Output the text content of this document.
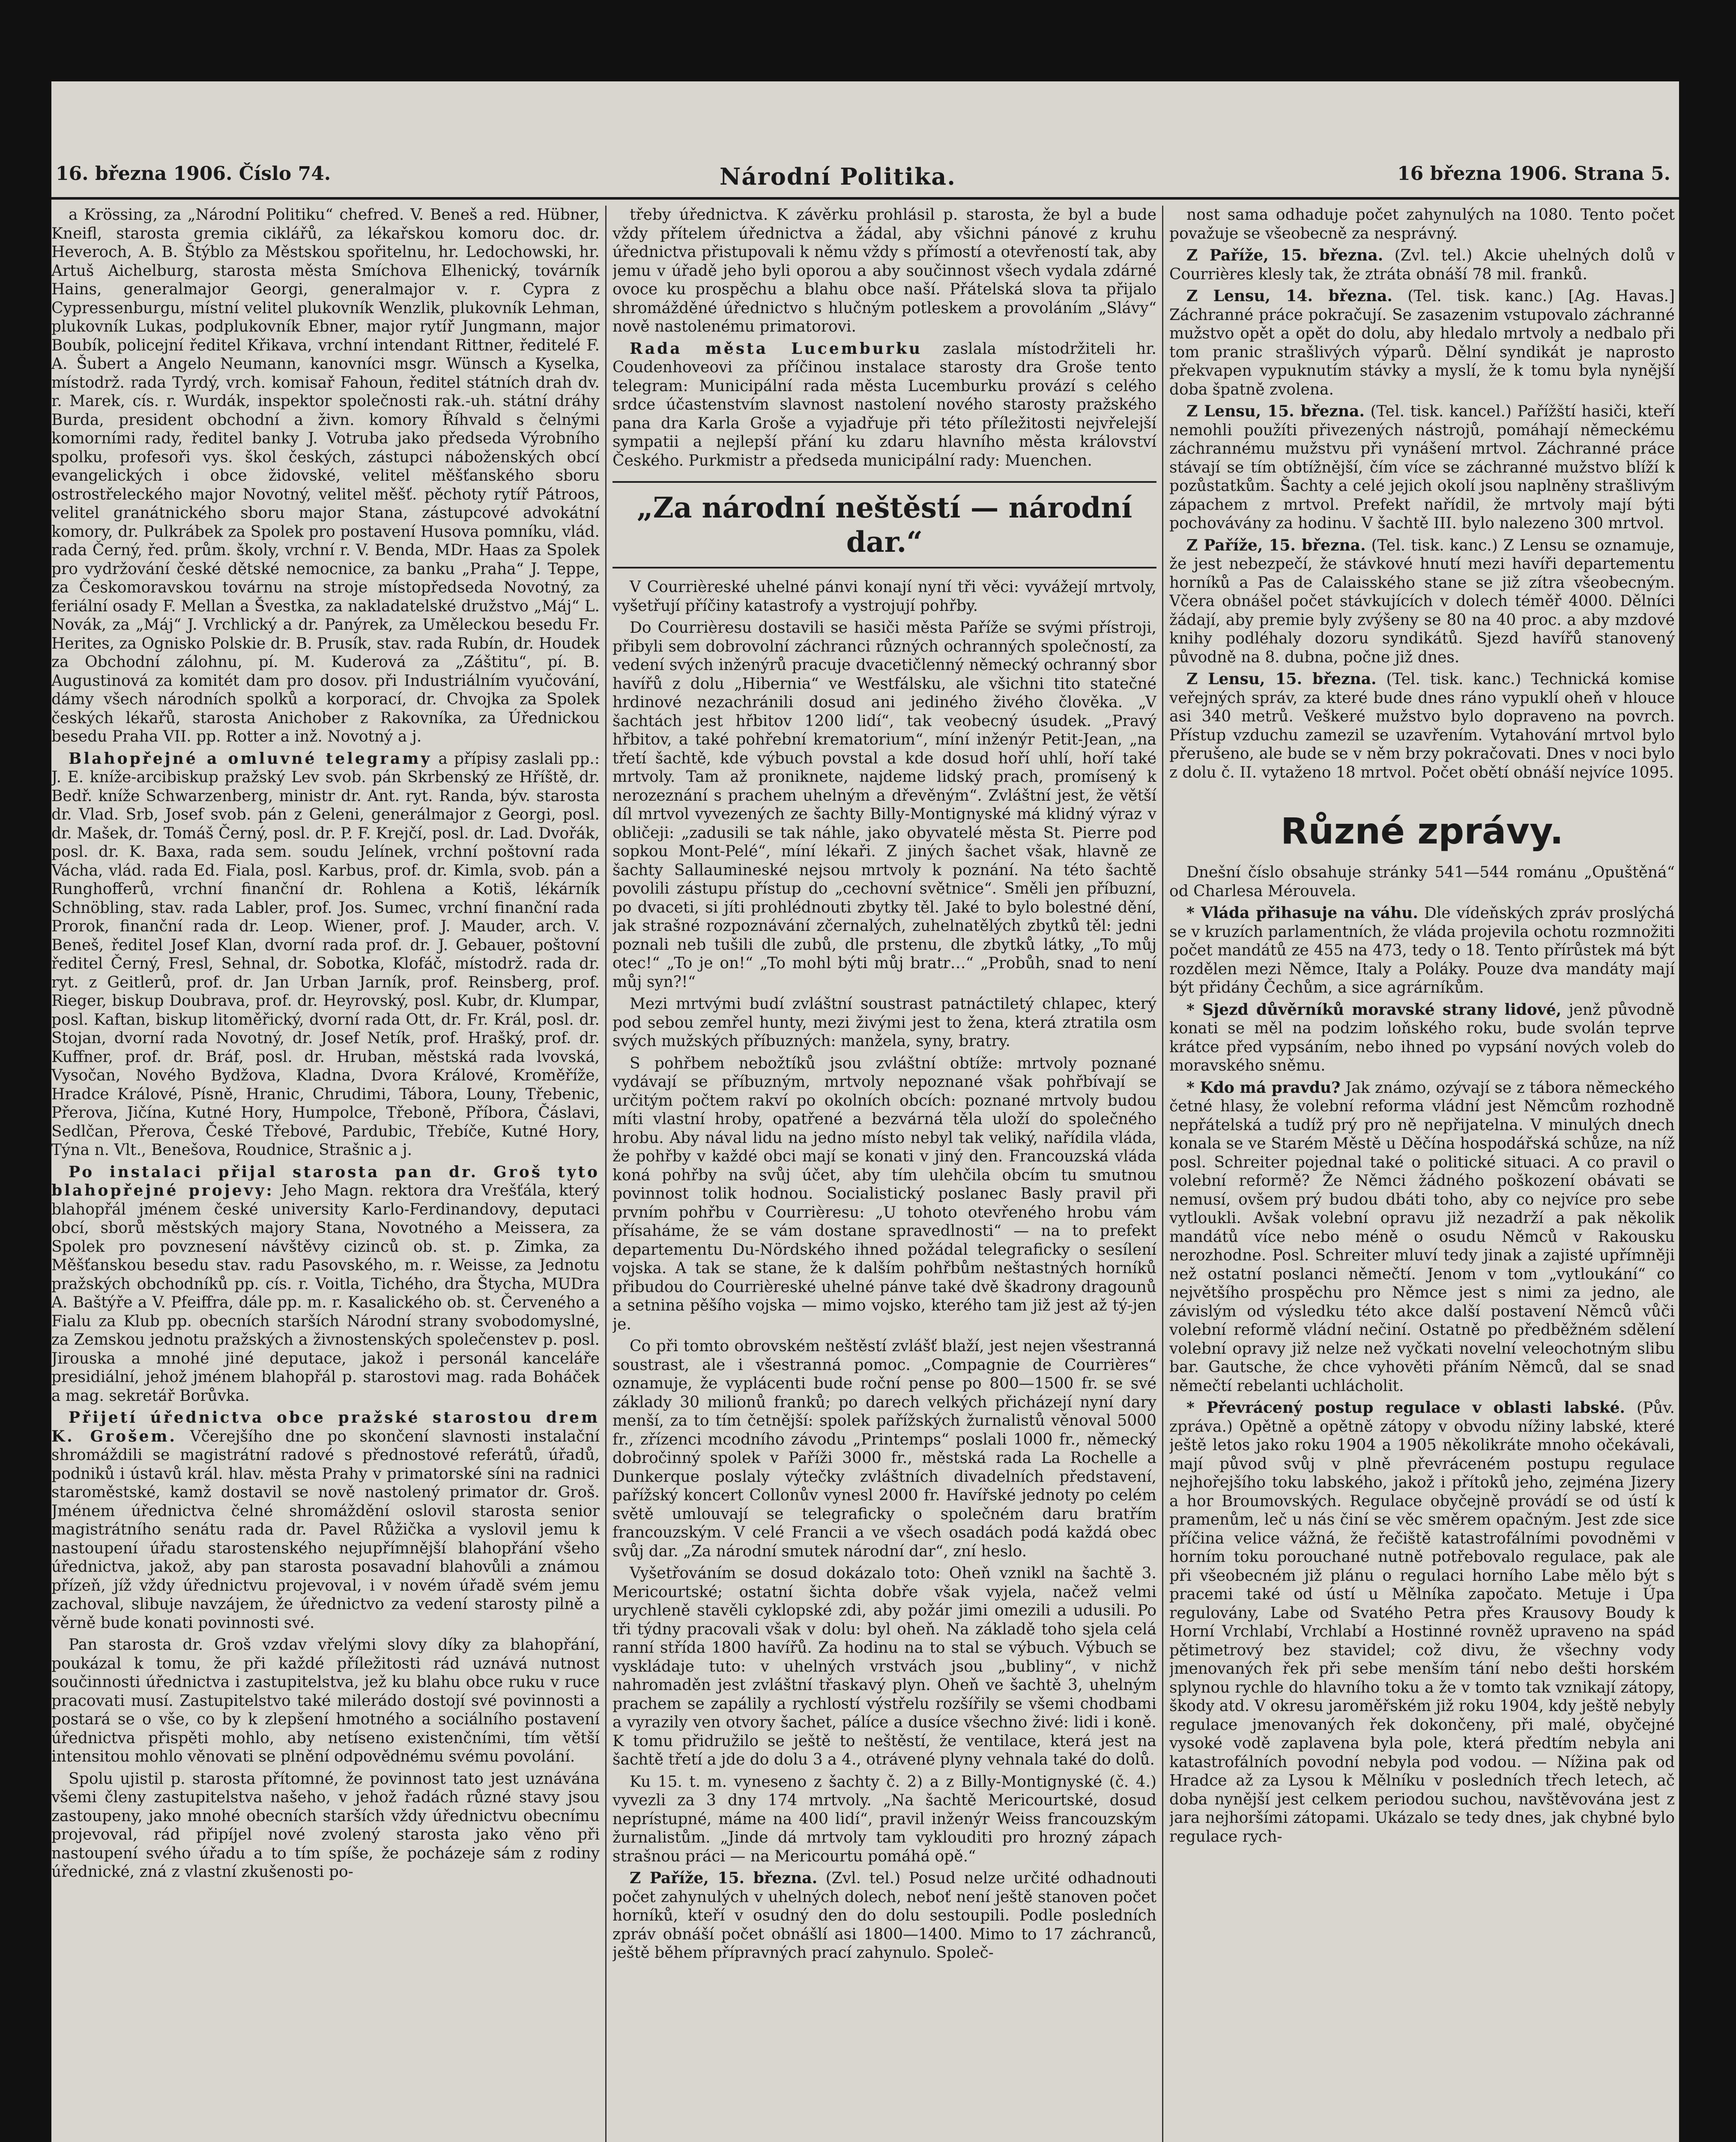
16. března 1906. Číslo 74.	Národní Politika.	16 března 1906. Strana 5.

a Krössing, za „Národní Politiku“ chefred. V. Beneš a red. Hübner, Kneifl, starosta gremia ciklářů, za lékařskou komoru doc. dr. Heveroch, A. B. Štýblo za Městskou spořitelnu, hr. Ledochowski, hr. Artuš Aichelburg, starosta města Smíchova Elhenický, továrník Hains, generalmajor Georgi, generalmajor v. r. Cypra z Cypressenburgu, místní velitel plukovník Wenzlik, plukovník Lehman, plukovník Lukas, podplukovník Ebner, major rytíř Jungmann, major Boubík, policejní ředitel Křikava, vrchní intendant Rittner, ředitelé F. A. Šubert a Angelo Neumann, kanovníci msgr. Wünsch a Kyselka, místodrž. rada Tyrdý, vrch. komisař Fahoun, ředitel státních drah dv. r. Marek, cís. r. Wurdák, inspektor společnosti rak.-uh. státní dráhy Burda, president obchodní a živn. komory Říhvald s čelnými komorními rady, ředitel banky J. Votruba jako předseda Výrobního spolku, profesoři vys. škol českých, zástupci náboženských obcí evangelických i obce židovské, velitel měšťanského sboru ostrostřeleckého major Novotný, velitel měšť. pěchoty rytíř Pátroos, velitel granátnického sboru major Stana, zástupcové advokátní komory, dr. Pulkrábek za Spolek pro postavení Husova pomníku, vlád. rada Černý, řed. prům. školy, vrchní r. V. Benda, MDr. Haas za Spolek pro vydržování české dětské nemocnice, za banku „Praha“ J. Teppe, za Českomoravskou továrnu na stroje místopředseda Novotný, za feriální osady F. Mellan a Švestka, za nakladatelské družstvo „Máj“ L. Novák, za „Máj“ J. Vrchlický a dr. Panýrek, za Uměleckou besedu Fr. Herites, za Ognisko Polskie dr. B. Prusík, stav. rada Rubín, dr. Houdek za Obchodní zálohnu, pí. M. Kuderová za „Záštitu“, pí. B. Augustinová za komitét dam pro dosov. při Industriálním vyučování, dámy všech národních spolků a korporací, dr. Chvojka za Spolek českých lékařů, starosta Anichober z Rakovníka, za Úřednickou besedu Praha VII. pp. Rotter a inž. Novotný a j.

Blahopřejné a omluvné telegramy a přípisy zaslali pp.: J. E. kníže-arcibiskup pražský Lev svob. pán Skrbenský ze Hříště, dr. Bedř. kníže Schwarzenberg, ministr dr. Ant. ryt. Randa, býv. starosta dr. Vlad. Srb, Josef svob. pán z Geleni, generálmajor z Georgi, posl. dr. Mašek, dr. Tomáš Černý, posl. dr. P. F. Krejčí, posl. dr. Lad. Dvořák, posl. dr. K. Baxa, rada sem. soudu Jelínek, vrchní poštovní rada Vácha, vlád. rada Ed. Fiala, posl. Karbus, prof. dr. Kimla, svob. pán a Runghofferů, vrchní finanční dr. Rohlena a Kotiš, lékárník Schnöbling, stav. rada Labler, prof. Jos. Sumec, vrchní finanční rada Prorok, finanční rada dr. Leop. Wiener, prof. J. Mauder, arch. V. Beneš, ředitel Josef Klan, dvorní rada prof. dr. J. Gebauer, poštovní ředitel Černý, Fresl, Sehnal, dr. Sobotka, Klofáč, místodrž. rada dr. ryt. z Geitlerů, prof. dr. Jan Urban Jarník, prof. Reinsberg, prof. Rieger, biskup Doubrava, prof. dr. Heyrovský, posl. Kubr, dr. Klumpar, posl. Kaftan, biskup litoměřický, dvorní rada Ott, dr. Fr. Král, posl. dr. Stojan, dvorní rada Novotný, dr. Josef Netík, prof. Hrašký, prof. dr. Kuffner, prof. dr. Bráf, posl. dr. Hruban, městská rada lvovská, Vysočan, Nového Bydžova, Kladna, Dvora Králové, Kroměříže, Hradce Králové, Písně, Hranic, Chrudimi, Tábora, Louny, Třebenic, Přerova, Jičína, Kutné Hory, Humpolce, Třeboně, Příbora, Čáslavi, Sedlčan, Přerova, České Třebové, Pardubic, Třebíče, Kutné Hory, Týna n. Vlt., Benešova, Roudnice, Strašnic a j.

Po instalaci přijal starosta pan dr. Groš tyto blahopřejné projevy: Jeho Magn. rektora dra Vrešťála, který blahopřál jménem české university Karlo-Ferdinandovy, deputaci obcí, sborů městských majory Stana, Novotného a Meissera, za Spolek pro povznesení návštěvy cizinců ob. st. p. Zimka, za Měšťanskou besedu stav. radu Pasovského, m. r. Weisse, za Jednotu pražských obchodníků pp. cís. r. Voitla, Tichého, dra Štycha, MUDra A. Baštýře a V. Pfeiffra, dále pp. m. r. Kasalického ob. st. Červeného a Fialu za Klub pp. obecních starších Národní strany svobodomyslné, za Zemskou jednotu pražských a živnostenských společenstev p. posl. Jirouska a mnohé jiné deputace, jakož i personál kanceláře presidiální, jehož jménem blahopřál p. starostovi mag. rada Boháček a mag. sekretář Borůvka.

Přijetí úřednictva obce pražské starostou drem K. Grošem. Včerejšího dne po skončení slavnosti instalační shromáždili se magistrátní radové s přednostové referátů, úřadů, podniků i ústavů král. hlav. města Prahy v primatorské síni na radnici staroměstské, kamž dostavil se nově nastolený primator dr. Groš. Jménem úřednictva čelné shromáždění oslovil starosta senior magistrátního senátu rada dr. Pavel Růžička a vyslovil jemu k nastoupení úřadu starostenského nejupřímnější blahopřání všeho úřednictva, jakož, aby pan starosta posavadní blahovůli a známou přízeň, jíž vždy úřednictvu projevoval, i v novém úřadě svém jemu zachoval, slibuje navzájem, že úřednictvo za vedení starosty pilně a věrně bude konati povinnosti své.

Pan starosta dr. Groš vzdav vřelými slovy díky za blahopřání, poukázal k tomu, že při každé příležitosti rád uznává nutnost součinnosti úřednictva i zastupitelstva, jež ku blahu obce ruku v ruce pracovati musí. Zastupitelstvo také milerádo dostojí své povinnosti a postará se o vše, co by k zlepšení hmotného a sociálního postavení úřednictva přispěti mohlo, aby netíseno existenčními, tím větší intensitou mohlo věnovati se plnění odpovědnému svému povolání.

Spolu ujistil p. starosta přítomné, že povinnost tato jest uznávána všemi členy zastupitelstva našeho, v jehož řadách různé stavy jsou zastoupeny, jako mnohé obecních starších vždy úřednictvu obecnímu projevoval, rád připíjel nové zvolený starosta jako věno při nastoupení svého úřadu a to tím spíše, že pocházeje sám z rodiny úřednické, zná z vlastní zkušenosti po-

třeby úřednictva. K závěrku prohlásil p. starosta, že byl a bude vždy přítelem úřednictva a žádal, aby všichni pánové z kruhu úřednictva přistupovali k němu vždy s přímostí a otevřeností tak, aby jemu v úřadě jeho byli oporou a aby součinnost všech vydala zdárné ovoce ku prospěchu a blahu obce naší. Přátelská slova ta přijalo shromážděné úřednictvo s hlučným potleskem a provoláním „Slávy“ nově nastolenému primatorovi.

Rada města Lucemburku zaslala místodržiteli hr. Coudenhoveovi za příčinou instalace starosty dra Groše tento telegram: Municipální rada města Lucemburku provází s celého srdce účastenstvím slavnost nastolení nového starosty pražského pana dra Karla Groše a vyjadřuje při této příležitosti nejvřelejší sympatii a nejlepší přání ku zdaru hlavního města království Českého. Purkmistr a předseda municipální rady: Muenchen.

„Za národní neštěstí — národní dar.“

V Courrièreské uhelné pánvi konají nyní tři věci: vyvážejí mrtvoly, vyšetřují příčiny katastrofy a vystrojují pohřby.

Do Courrièresu dostavili se hasiči města Paříže se svými přístroji, přibyli sem dobrovolní záchranci různých ochranných společností, za vedení svých inženýrů pracuje dvacetičlenný německý ochranný sbor havířů z dolu „Hibernia“ ve Westfálsku, ale všichni tito statečné hrdinové nezachránili dosud ani jediného živého člověka. „V šachtách jest hřbitov 1200 lidí“, tak veobecný úsudek. „Pravý hřbitov, a také pohřební krematorium“, míní inženýr Petit-Jean, „na třetí šachtě, kde výbuch povstal a kde dosud hoří uhlí, hoří také mrtvoly. Tam až proniknete, najdeme lidský prach, promísený k nerozeznání s prachem uhelným a dřevěným“. Zvláštní jest, že větší díl mrtvol vyvezených ze šachty Billy-Montignyské má klidný výraz v obličeji: „zadusili se tak náhle, jako obyvatelé města St. Pierre pod sopkou Mont-Pelé“, míní lékaři. Z jiných šachet však, hlavně ze šachty Sallaumineské nejsou mrtvoly k poznání. Na této šachtě povolili zástupu přístup do „cechovní světnice“. Směli jen příbuzní, po dvaceti, si jíti prohlédnouti zbytky těl. Jaké to bylo bolestné dění, jak strašné rozpoznávání zčernalých, zuhelnatělých zbytků těl: jedni poznali neb tušili dle zubů, dle prstenu, dle zbytků látky, „To můj otec!“ „To je on!“ „To mohl býti můj bratr…“ „Probůh, snad to není můj syn?!“

Mezi mrtvými budí zvláštní soustrast patnáctiletý chlapec, který pod sebou zemřel hunty, mezi živými jest to žena, která ztratila osm svých mužských příbuzných: manžela, syny, bratry.

S pohřbem nebožtíků jsou zvláštní obtíže: mrtvoly poznané vydávají se příbuzným, mrtvoly nepoznané však pohřbívají se určitým počtem rakví po okolních obcích: poznané mrtvoly budou míti vlastní hroby, opatřené a bezvárná těla uloží do společného hrobu. Aby nával lidu na jedno místo nebyl tak veliký, nařídila vláda, že pohřby v každé obci mají se konati v jiný den. Francouzská vláda koná pohřby na svůj účet, aby tím ulehčila obcím tu smutnou povinnost tolik hodnou. Socialistický poslanec Basly pravil při prvním pohřbu v Courrièresu: „U tohoto otevřeného hrobu vám přísaháme, že se vám dostane spravedlnosti“ — na to prefekt departementu Du-Nördského ihned požádal telegraficky o sesílení vojska. A tak se stane, že k dalším pohřbům neštastných horníků přibudou do Courrièreské uhelné pánve také dvě škadrony dragounů a setnina pěšího vojska — mimo vojsko, kterého tam již jest až tý-jen je.

Co při tomto obrovském neštěstí zvlášť blaží, jest nejen všestranná soustrast, ale i všestranná pomoc. „Compagnie de Courrières“ oznamuje, že vyplácenti bude roční pense po 800—1500 fr. se své základy 30 milionů franků; po darech velkých přicházejí nyní dary menší, za to tím četnější: spolek pařížských žurnalistů věnoval 5000 fr., zřízenci mcodního závodu „Printemps“ poslali 1000 fr., německý dobročinný spolek v Paříži 3000 fr., městská rada La Rochelle a Dunkerque poslaly výtečky zvláštních divadelních představení, pařížský koncert Collonův vynesl 2000 fr. Havířské jednoty po celém světě umlouvají se telegraficky o společném daru bratřím francouzským. V celé Francii a ve všech osadách podá každá obec svůj dar. „Za národní smutek národní dar“, zní heslo.

Vyšetřováním se dosud dokázalo toto: Oheň vznikl na šachtě 3. Mericourtské; ostatní šichta dobře však vyjela, načež velmi urychleně stavěli cyklopské zdi, aby požár jimi omezili a udusili. Po tři týdny pracovali však v dolu: byl oheň. Na základě toho sjela celá ranní střída 1800 havířů. Za hodinu na to stal se výbuch. Výbuch se vyskládaje tuto: v uhelných vrstvách jsou „bubliny“, v nichž nahromaděn jest zvláštní třaskavý plyn. Oheň ve šachtě 3, uhelným prachem se zapálily a rychlostí výstřelu rozšířily se všemi chodbami a vyrazily ven otvory šachet, pálíce a dusíce všechno živé: lidi i koně. K tomu přidružilo se ještě to neštěstí, že ventilace, která jest na šachtě třetí a jde do dolu 3 a 4., otrávené plyny vehnala také do dolů.

Ku 15. t. m. vyneseno z šachty č. 2) a z Billy-Montignyské (č. 4.) vyvezli za 3 dny 174 mrtvoly. „Na šachtě Mericourtské, dosud neprístupné, máme na 400 lidí“, pravil inženýr Weiss francouzským žurnalistům. „Jinde dá mrtvoly tam vyklouditi pro hrozný zápach strašnou práci — na Mericourtu pomáhá opě.“

Z Paříže, 15. března. (Zvl. tel.) Posud nelze určité odhadnouti počet zahynulých v uhelných dolech, neboť není ještě stanoven počet horníků, kteří v osudný den do dolu sestoupili. Podle posledních zpráv obnáší počet obnášlí asi 1800—1400. Mimo to 17 záchranců, ještě během přípravných prací zahynulo. Společ-

nost sama odhaduje počet zahynulých na 1080. Tento počet považuje se všeobecně za nesprávný.

Z Paříže, 15. března. (Zvl. tel.) Akcie uhelných dolů v Courrières klesly tak, že ztráta obnáší 78 mil. franků.

Z Lensu, 14. března. (Tel. tisk. kanc.) [Ag. Havas.] Záchranné práce pokračují. Se zasazenim vstupovalo záchranné mužstvo opět a opět do dolu, aby hledalo mrtvoly a nedbalo při tom pranic strašlivých výparů. Dělní syndikát je naprosto překvapen vypuknutím stávky a myslí, že k tomu byla nynější doba špatně zvolena.

Z Lensu, 15. března. (Tel. tisk. kancel.) Pařížští hasiči, kteří nemohli použíti přivezených nástrojů, pomáhají německému záchrannému mužstvu při vynášení mrtvol. Záchranné práce stávají se tím obtížnější, čím více se záchranné mužstvo blíží k pozůstatkům. Šachty a celé jejich okolí jsou naplněny strašlivým zápachem z mrtvol. Prefekt nařídil, že mrtvoly mají býti pochovávány za hodinu. V šachtě III. bylo nalezeno 300 mrtvol.

Z Paříže, 15. března. (Tel. tisk. kanc.) Z Lensu se oznamuje, že jest nebezpečí, že stávkové hnutí mezi havíři departementu horníků a Pas de Calaisského stane se již zítra všeobecným. Včera obnášel počet stávkujících v dolech téměř 4000. Dělníci žádají, aby premie byly zvýšeny se 80 na 40 proc. a aby mzdové knihy podléhaly dozoru syndikátů. Sjezd havířů stanovený původně na 8. dubna, počne již dnes.

Z Lensu, 15. března. (Tel. tisk. kanc.) Technická komise veřejných správ, za které bude dnes ráno vypuklí oheň v hlouce asi 340 metrů. Veškeré mužstvo bylo dopraveno na povrch. Přístup vzduchu zamezil se uzavřením. Vytahování mrtvol bylo přerušeno, ale bude se v něm brzy pokračovati. Dnes v noci bylo z dolu č. II. vytaženo 18 mrtvol. Počet obětí obnáší nejvíce 1095.

Různé zprávy.

Dnešní číslo obsahuje stránky 541—544 románu „Opuštěná“ od Charlesa Mérouvela.

* Vláda přihasuje na váhu. Dle vídeňských zpráv proslýchá se v kruzích parlamentních, že vláda projevila ochotu rozmnožiti počet mandátů ze 455 na 473, tedy o 18. Tento přírůstek má být rozdělen mezi Němce, Italy a Poláky. Pouze dva mandáty mají být přidány Čechům, a sice agrárníkům.

* Sjezd důvěrníků moravské strany lidové, jenž původně konati se měl na podzim loňského roku, bude svolán teprve krátce před vypsáním, nebo ihned po vypsání nových voleb do moravského sněmu.

* Kdo má pravdu? Jak známo, ozývají se z tábora německého četné hlasy, že volební reforma vládní jest Němcům rozhodně nepřátelská a tudíž prý pro ně nepřijatelna. V minulých dnech konala se ve Starém Městě u Děčína hospodářská schůze, na níž posl. Schreiter pojednal také o politické situaci. A co pravil o volební reformě? Že Němci žádného poškození obávati se nemusí, ovšem prý budou dbáti toho, aby co nejvíce pro sebe vytloukli. Avšak volební opravu již nezadrží a pak několik mandátů více nebo méně o osudu Němců v Rakousku nerozhodne. Posl. Schreiter mluví tedy jinak a zajisté upřímněji než ostatní poslanci němečtí. Jenom v tom „vytloukání“ co největšího prospěchu pro Němce jest s nimi za jedno, ale závislým od výsledku této akce další postavení Němců vůči volební reformě vládní nečiní. Ostatně po předběžném sdělení volební opravy již nelze než vyčkati novelní veleochotným slibu bar. Gautsche, že chce vyhověti přáním Němců, dal se snad němečtí rebelanti uchlácholit.

* Převrácený postup regulace v oblasti labské. (Pův. zpráva.) Opětně a opětně zátopy v obvodu nížiny labské, které ještě letos jako roku 1904 a 1905 několikráte mnoho očekávali, mají původ svůj v plně převráceném postupu regulace nejhořejšího toku labského, jakož i přítoků jeho, zejména Jizery a hor Broumovských. Regulace obyčejně provádí se od ústí k pramenům, leč u nás činí se věc směrem opačným. Jest zde sice příčina velice vážná, že řečiště katastrofálními povodněmi v horním toku porouchané nutně potřebovalo regulace, pak ale při všeobecném již plánu o regulaci horního Labe mělo být s pracemi také od ústí u Mělníka započato. Metuje i Úpa regulovány, Labe od Svatého Petra přes Krausovy Boudy k Horní Vrchlabí, Vrchlabí a Hostinné rovněž upraveno na spád pětimetrový bez stavidel; což divu, že všechny vody jmenovaných řek při sebe menším tání nebo dešti horském splynou rychle do hlavního toku a že v tomto tak vznikají zátopy, škody atd. V okresu jaroměřském již roku 1904, kdy ještě nebyly regulace jmenovaných řek dokončeny, při malé, obyčejné vysoké vodě zaplavena byla pole, která předtím nebyla ani katastrofálních povodní nebyla pod vodou. — Nížina pak od Hradce až za Lysou k Mělníku v posledních třech letech, ač doba nynější jest celkem periodou suchou, navštěvována jest z jara nejhoršími zátopami. Ukázalo se tedy dnes, jak chybné bylo regulace rych-
